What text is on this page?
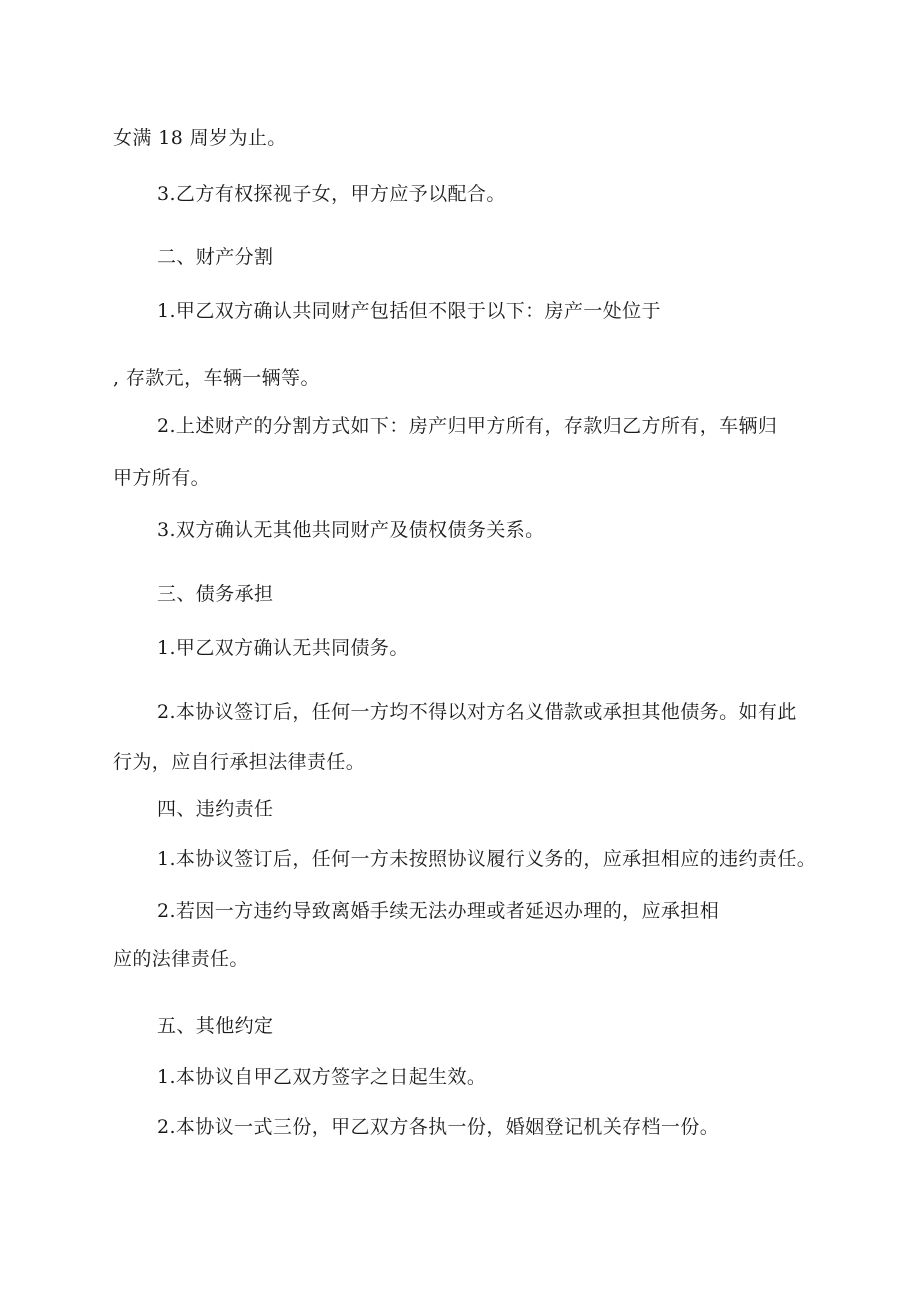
女满 18 周岁为止。
3.乙方有权探视子女，甲方应予以配合。
二、财产分割
1.甲乙双方确认共同财产包括但不限于以下：房产一处位于
, 存款元，车辆一辆等。
2.上述财产的分割方式如下：房产归甲方所有，存款归乙方所有，车辆归
甲方所有。
3.双方确认无其他共同财产及债权债务关系。
三、债务承担
1.甲乙双方确认无共同债务。
2.本协议签订后，任何一方均不得以对方名义借款或承担其他债务。如有此
行为，应自行承担法律责任。
四、违约责任
1.本协议签订后，任何一方未按照协议履行义务的，应承担相应的违约责任。
2.若因一方违约导致离婚手续无法办理或者延迟办理的，应承担相
应的法律责任。
五、其他约定
1.本协议自甲乙双方签字之日起生效。
2.本协议一式三份，甲乙双方各执一份，婚姻登记机关存档一份。
